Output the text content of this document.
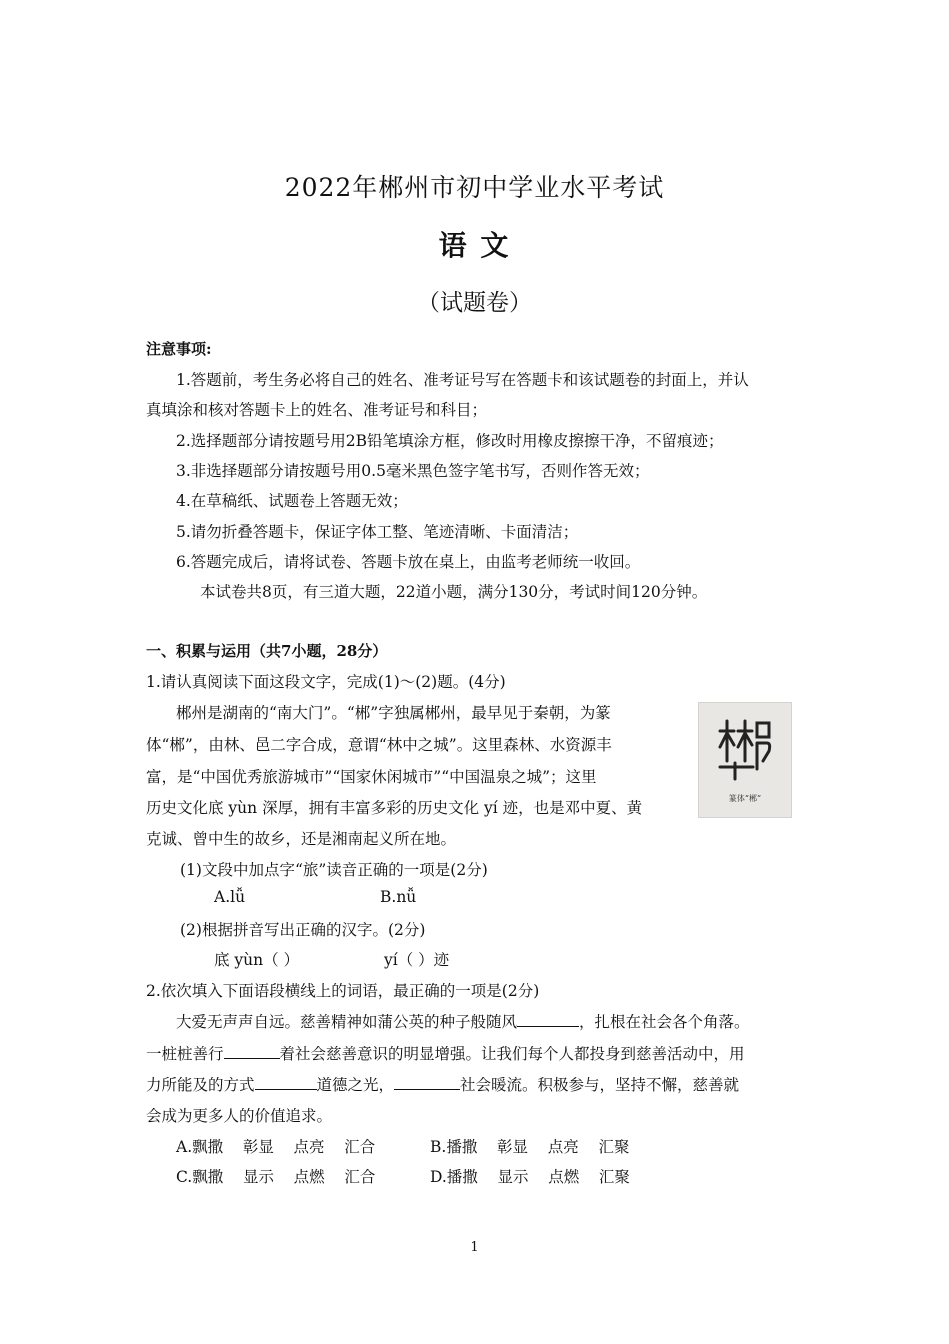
2022年郴州市初中学业水平考试
语 文
（试题卷）
注意事项:
1.答题前，考生务必将自己的姓名、准考证号写在答题卡和该试题卷的封面上，并认
真填涂和核对答题卡上的姓名、准考证号和科目；
2.选择题部分请按题号用2B铅笔填涂方框，修改时用橡皮擦擦干净，不留痕迹；
3.非选择题部分请按题号用0.5毫米黑色签字笔书写，否则作答无效；
4.在草稿纸、试题卷上答题无效；
5.请勿折叠答题卡，保证字体工整、笔迹清晰、卡面清洁；
6.答题完成后，请将试卷、答题卡放在桌上，由监考老师统一收回。
本试卷共8页，有三道大题，22道小题，满分130分，考试时间120分钟。
一、积累与运用（共7小题，28分）
1.请认真阅读下面这段文字，完成(1)～(2)题。(4分)
郴州是湖南的“南大门”。“郴”字独属郴州，最早见于秦朝，为篆
体“郴”，由林、邑二字合成，意谓“林中之城”。这里森林、水资源丰
富，是“中国优秀旅游城市”“国家休闲城市”“中国温泉之城”；这里
历史文化底 yùn 深厚，拥有丰富多彩的历史文化 yí 迹，也是邓中夏、黄
克诚、曾中生的故乡，还是湘南起义所在地。
篆体“郴”
(1)文段中加点字“旅”读音正确的一项是(2分)
A.lǚ	B.nǚ
(2)根据拼音写出正确的汉字。(2分)
底 yùn（ ）	yí（ ）迹
2.依次填入下面语段横线上的词语，最正确的一项是(2分)
大爱无声声自远。慈善精神如蒲公英的种子般随风	，扎根在社会各个角落。
一桩桩善行	着社会慈善意识的明显增强。让我们每个人都投身到慈善活动中，用
力所能及的方式	道德之光，	社会暖流。积极参与，坚持不懈，慈善就
会成为更多人的价值追求。
A.飘撒    彰显    点亮    汇合	B.播撒    彰显    点亮    汇聚
C.飘撒    显示    点燃    汇合	D.播撒    显示    点燃    汇聚
1
